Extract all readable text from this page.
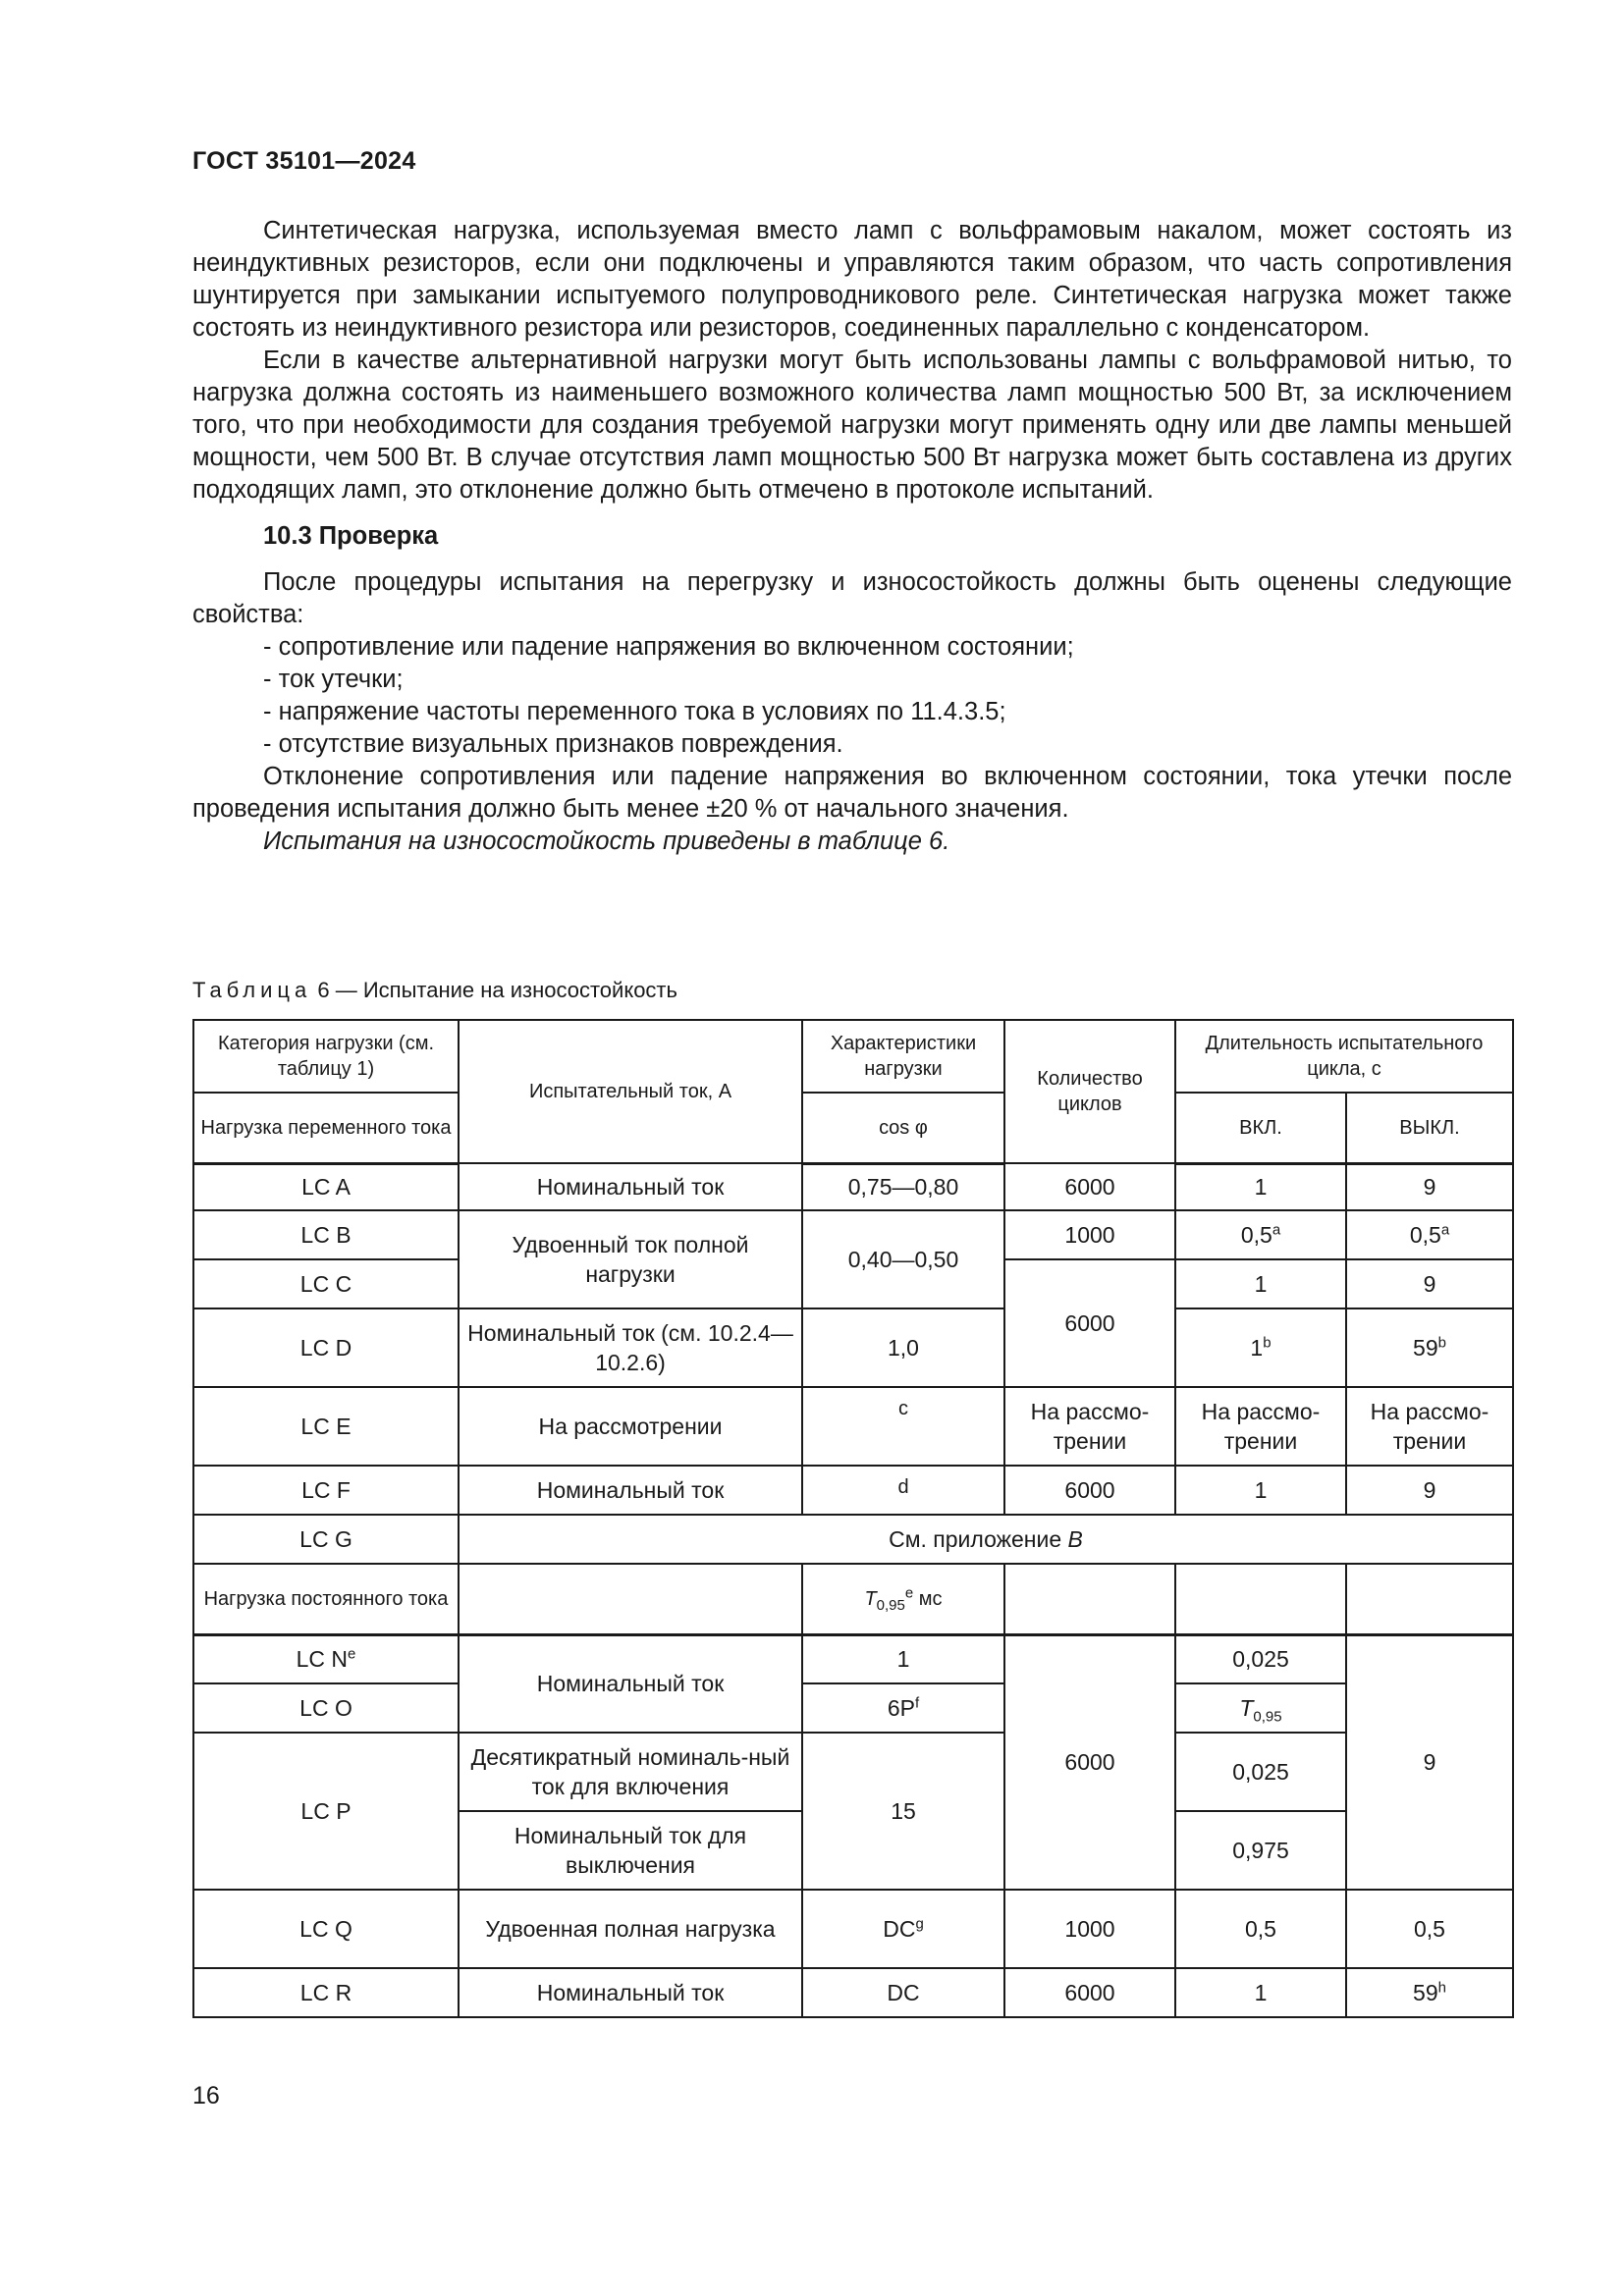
ГОСТ 35101—2024

Синтетическая нагрузка, используемая вместо ламп с вольфрамовым накалом, может состоять из неиндуктивных резисторов, если они подключены и управляются таким образом, что часть сопротивления шунтируется при замыкании испытуемого полупроводникового реле. Синтетическая нагрузка может также состоять из неиндуктивного резистора или резисторов, соединенных параллельно с конденсатором.

Если в качестве альтернативной нагрузки могут быть использованы лампы с вольфрамовой нитью, то нагрузка должна состоять из наименьшего возможного количества ламп мощностью 500 Вт, за исключением того, что при необходимости для создания требуемой нагрузки могут применять одну или две лампы меньшей мощности, чем 500 Вт. В случае отсутствия ламп мощностью 500 Вт нагрузка может быть составлена из других подходящих ламп, это отклонение должно быть отмечено в протоколе испытаний.

10.3 Проверка

После процедуры испытания на перегрузку и износостойкость должны быть оценены следующие свойства:

- сопротивление или падение напряжения во включенном состоянии;

- ток утечки;

- напряжение частоты переменного тока в условиях по 11.4.3.5;

- отсутствие визуальных признаков повреждения.

Отклонение сопротивления или падение напряжения во включенном состоянии, тока утечки после проведения испытания должно быть менее ±20 % от начального значения.

Испытания на износостойкость приведены в таблице 6.

Таблица 6 — Испытание на износостойкость
Категория нагрузки (см. таблицу 1)	Испытательный ток, А	Характеристики нагрузки	Количество циклов	Длительность испытательного цикла, с	
Нагрузка переменного тока		cos φ		ВКЛ.	ВЫКЛ.
LC A	Номинальный ток	0,75—0,80	6000	1	9
LC B	Удвоенный ток полной нагрузки	0,40—0,50	1000	0,5$^a$	0,5$^a$
LC C			6000	1	9
LC D	Номинальный ток (см. 10.2.4—10.2.6)	1,0		1$^b$	59$^b$
LC E	На рассмотрении	c	На рассмо-трении	На рассмо-трении	На рассмо-трении
LC F	Номинальный ток	d	6000	1	9
LC G	См. приложение В				
Нагрузка постоянного тока		$T_{0,95}^e$ мс			
LC $N^e$	Номинальный ток	1	6000	0,025	9
LC O		$6P^f$		$T_{0,95}$
LC P	Десятикратный номиналь-ный ток для включения	15		0,025	
	Номинальный ток для выключения			0,975	
LC Q	Удвоенная полная нагрузка	$DC^g$	1000	0,5	0,5
LC R	Номинальный ток	DC	6000	1	59$^h$
16
